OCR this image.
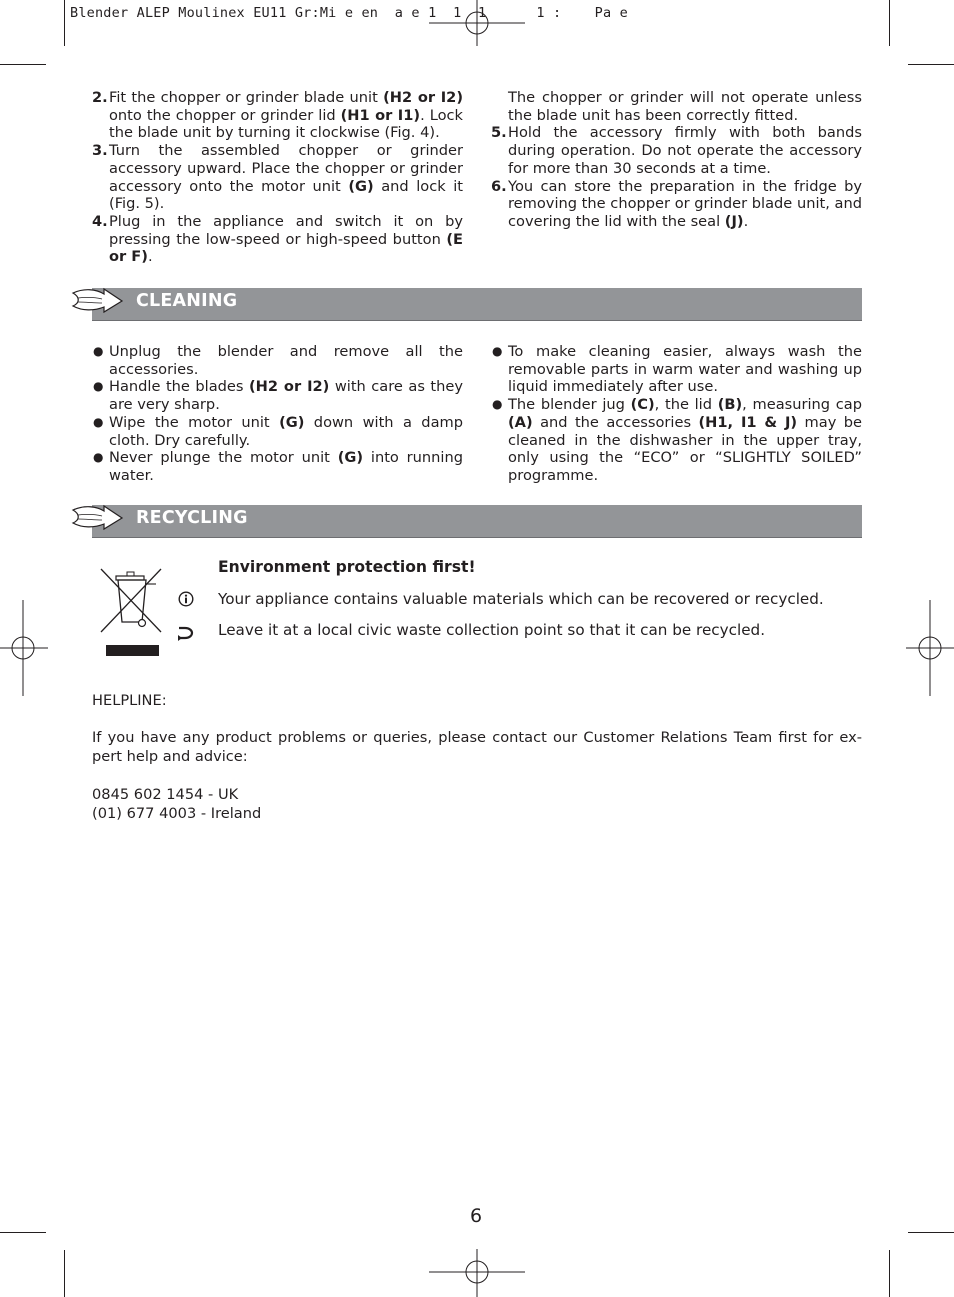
Blender ALEP Moulinex EU11 Gr:Mi e en  a e 1  1  1      1 :    Pa e
2. Fit the chopper or grinder blade unit (H2 or I2) onto the chopper or grinder lid (H1 or I1). Lock the blade unit by turning it clockwise (Fig. 4).
3. Turn the assembled chopper or grinder accessory upward. Place the chopper or grinder accessory onto the motor unit (G) and lock it (Fig. 5).
4. Plug in the appliance and switch it on by pressing the low-speed or high-speed button (E or F).
The chopper or grinder will not operate unless the blade unit has been correctly fitted.
5. Hold the accessory firmly with both bands during operation. Do not operate the accessory for more than 30 seconds at a time.
6. You can store the preparation in the fridge by removing the chopper or grinder blade unit, and covering the lid with the seal (J).
CLEANING
● Unplug the blender and remove all the accessories.
● Handle the blades (H2 or I2) with care as they are very sharp.
● Wipe the motor unit (G) down with a damp cloth. Dry carefully.
● Never plunge the motor unit (G) into running water.
● To make cleaning easier, always wash the removable parts in warm water and washing up liquid immediately after use.
● The blender jug (C), the lid (B), measuring cap (A) and the accessories (H1, I1 & J) may be cleaned in the dishwasher in the upper tray, only using the “ECO” or “SLIGHTLY SOILED” programme.
RECYCLING
Environment protection first!
Your appliance contains valuable materials which can be recovered or recycled.
Leave it at a local civic waste collection point so that it can be recycled.
HELPLINE:
If you have any product problems or queries, please contact our Customer Relations Team first for ex-pert help and advice:
0845 602 1454 - UK
(01) 677 4003 - Ireland
6
